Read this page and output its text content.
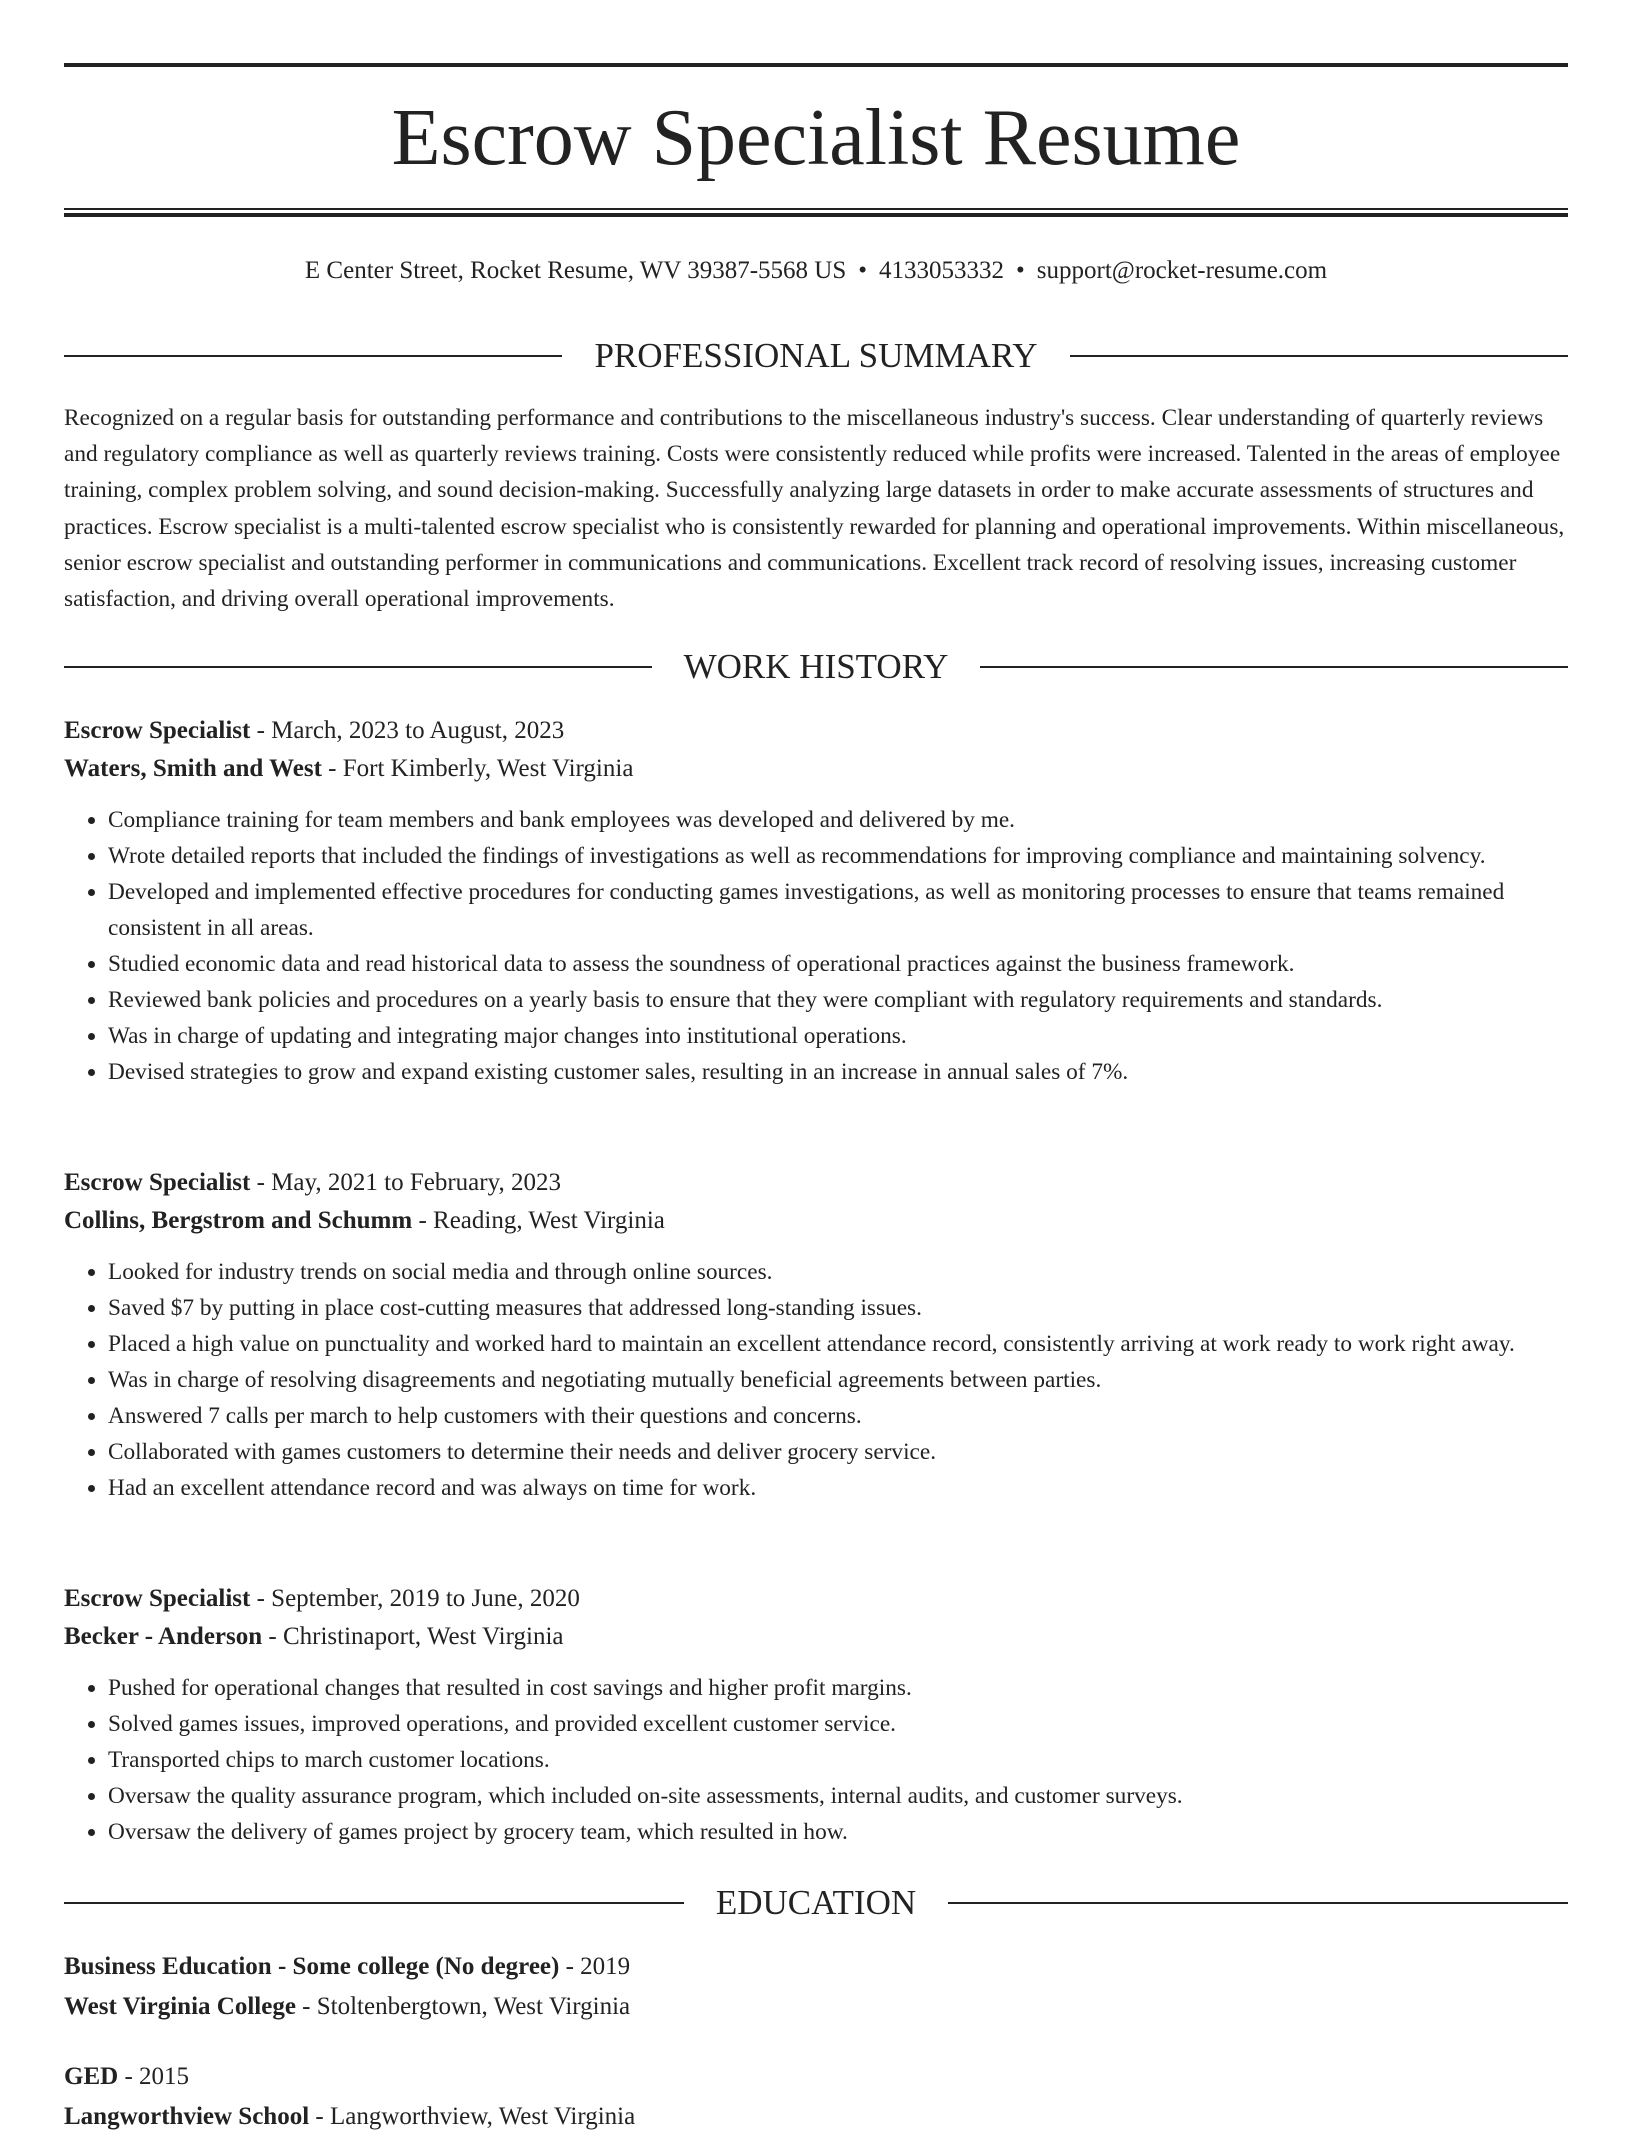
Escrow Specialist Resume
E Center Street, Rocket Resume, WV 39387-5568 US • 4133053332 • support@rocket-resume.com
PROFESSIONAL SUMMARY

Recognized on a regular basis for outstanding performance and contributions to the miscellaneous industry's success. Clear understanding of quarterly reviews and regulatory compliance as well as quarterly reviews training. Costs were consistently reduced while profits were increased. Talented in the areas of employee training, complex problem solving, and sound decision-making. Successfully analyzing large datasets in order to make accurate assessments of structures and practices. Escrow specialist is a multi-talented escrow specialist who is consistently rewarded for planning and operational improvements. Within miscellaneous, senior escrow specialist and outstanding performer in communications and communications. Excellent track record of resolving issues, increasing customer satisfaction, and driving overall operational improvements.

WORK HISTORY
Escrow Specialist - March, 2023 to August, 2023
Waters, Smith and West - Fort Kimberly, West Virginia
• Compliance training for team members and bank employees was developed and delivered by me.
• Wrote detailed reports that included the findings of investigations as well as recommendations for improving compliance and maintaining solvency.
• Developed and implemented effective procedures for conducting games investigations, as well as monitoring processes to ensure that teams remained consistent in all areas.
• Studied economic data and read historical data to assess the soundness of operational practices against the business framework.
• Reviewed bank policies and procedures on a yearly basis to ensure that they were compliant with regulatory requirements and standards.
• Was in charge of updating and integrating major changes into institutional operations.
• Devised strategies to grow and expand existing customer sales, resulting in an increase in annual sales of 7%.
Escrow Specialist - May, 2021 to February, 2023
Collins, Bergstrom and Schumm - Reading, West Virginia
• Looked for industry trends on social media and through online sources.
• Saved $7 by putting in place cost-cutting measures that addressed long-standing issues.
• Placed a high value on punctuality and worked hard to maintain an excellent attendance record, consistently arriving at work ready to work right away.
• Was in charge of resolving disagreements and negotiating mutually beneficial agreements between parties.
• Answered 7 calls per march to help customers with their questions and concerns.
• Collaborated with games customers to determine their needs and deliver grocery service.
• Had an excellent attendance record and was always on time for work.
Escrow Specialist - September, 2019 to June, 2020
Becker - Anderson - Christinaport, West Virginia
• Pushed for operational changes that resulted in cost savings and higher profit margins.
• Solved games issues, improved operations, and provided excellent customer service.
• Transported chips to march customer locations.
• Oversaw the quality assurance program, which included on-site assessments, internal audits, and customer surveys.
• Oversaw the delivery of games project by grocery team, which resulted in how.
EDUCATION
Business Education - Some college (No degree) - 2019
West Virginia College - Stoltenbergtown, West Virginia
GED - 2015
Langworthview School - Langworthview, West Virginia
